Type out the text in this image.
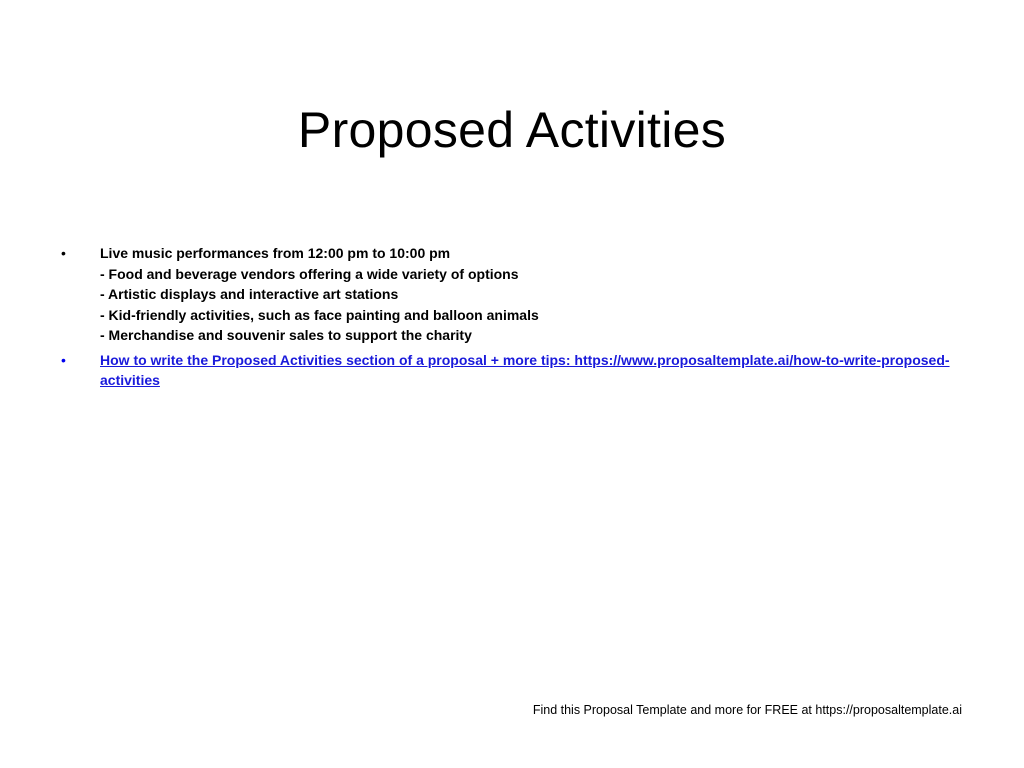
Proposed Activities
• Live music performances from 12:00 pm to 10:00 pm
- Food and beverage vendors offering a wide variety of options
- Artistic displays and interactive art stations
- Kid-friendly activities, such as face painting and balloon animals
- Merchandise and souvenir sales to support the charity
• How to write the Proposed Activities section of a proposal + more tips: https://www.proposaltemplate.ai/how-to-write-proposed-activities
Find this Proposal Template and more for FREE at https://proposaltemplate.ai
